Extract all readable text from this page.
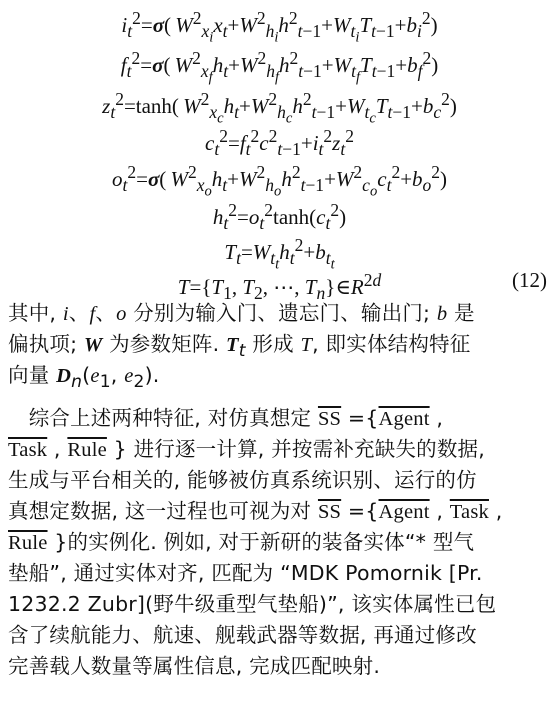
$i_t^2=\sigma$( $W^2_{x_i}x_t+W^2_{h_i}h^2_{t-1}+W_{t_i}T_{t-1}+b_i^2$)
$f_t^2=\sigma$( $W^2_{x_f}h_t+W^2_{h_f}h^2_{t-1}+W_{t_f}T_{t-1}+b_f^2$)
$z_t^2=\tanh$( $W^2_{x_c}h_t+W^2_{h_c}h^2_{t-1}+W_{t_c}T_{t-1}+b_c^2$)
$c_t^2=f_t^2c^2_{t-1}+i_t^2z_t^2$
$o_t^2=\sigma$( $W^2_{x_o}h_t+W^2_{h_o}h^2_{t-1}+W^2_{c_o}c_t^2+b_o^2$)
$h_t^2=o_t^2\tanh(c_t^2)$
$T_t=W_{t_t}h_t^2+b_{t_t}$
$T=\{T_1$, $T_2$, ⋯, $T_n\}\in R^{2d}$	(12)
其中, i、f、o 分别为输入门、遗忘门、输出门; b 是
偏执项; W 为参数矩阵. $T_t$ 形成 T, 即实体结构特征
向量 $D_n(e_1$, $e_2$).
 综合上述两种特征, 对仿真想定 $\overline{SS}$ ={Agent ,
Task , Rule } 进行逐一计算, 并按需补充缺失的数据,
生成与平台相关的, 能够被仿真系统识别、运行的仿
真想定数据, 这一过程也可视为对 $\overline{SS}$ ={Agent , Task ,
Rule }的实例化. 例如, 对于新研的装备实体“* 型气
垫船”, 通过实体对齐, 匹配为 “MDK Pomornik [Pr.
1232.2 Zubr](野牛级重型气垫船)”, 该实体属性已包
含了续航能力、航速、舰载武器等数据, 再通过修改
完善载人数量等属性信息, 完成匹配映射.
